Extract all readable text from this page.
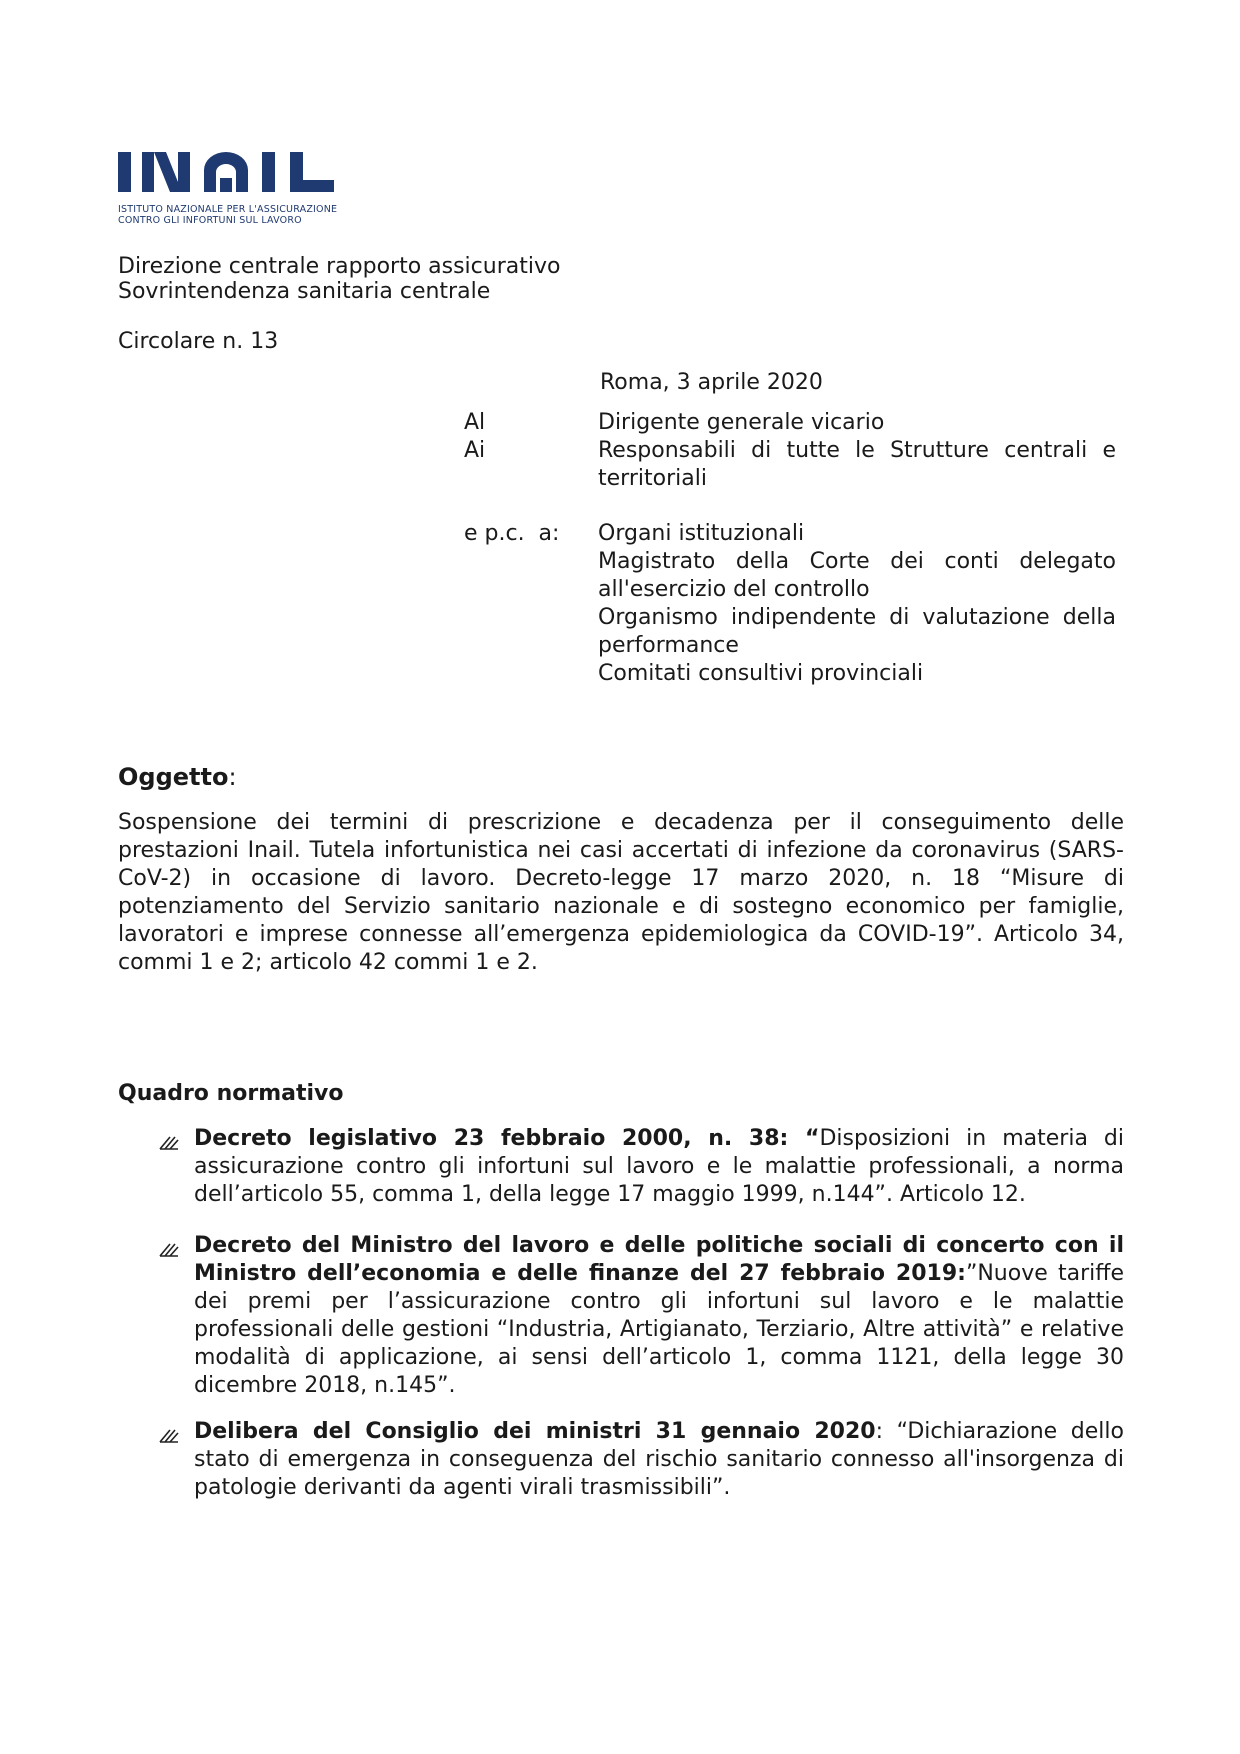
ISTITUTO NAZIONALE PER L'ASSICURAZIONE
CONTRO GLI INFORTUNI SUL LAVORO
Direzione centrale rapporto assicurativo
Sovrintendenza sanitaria centrale
Circolare n. 13
Roma, 3 aprile 2020
Al	Dirigente generale vicario
Ai	Responsabili di tutte le Strutture centrali e territoriali
e p.c.  a: Organi istituzionali
Magistrato della Corte dei conti delegato all'esercizio del controllo
Organismo indipendente di valutazione della performance
Comitati consultivi provinciali
Oggetto:
Sospensione dei termini di prescrizione e decadenza per il conseguimento delle prestazioni Inail. Tutela infortunistica nei casi accertati di infezione da coronavirus (SARS- CoV-2) in occasione di lavoro. Decreto-legge 17 marzo 2020, n. 18 “Misure di potenziamento del Servizio sanitario nazionale e di sostegno economico per famiglie, lavoratori e imprese connesse all’emergenza epidemiologica da COVID-19”. Articolo 34, commi 1 e 2; articolo 42 commi 1 e 2.
Quadro normativo
Decreto legislativo 23 febbraio 2000, n. 38: “Disposizioni in materia di assicurazione contro gli infortuni sul lavoro e le malattie professionali, a norma dell’articolo 55, comma 1, della legge 17 maggio 1999, n.144”. Articolo 12.
Decreto del Ministro del lavoro e delle politiche sociali di concerto con il Ministro dell’economia e delle finanze del 27 febbraio 2019:”Nuove tariffe dei premi per l’assicurazione contro gli infortuni sul lavoro e le malattie professionali delle gestioni “Industria, Artigianato, Terziario, Altre attività” e relative modalità di applicazione, ai sensi dell’articolo 1, comma 1121, della legge 30 dicembre 2018, n.145”.
Delibera del Consiglio dei ministri 31 gennaio 2020: “Dichiarazione dello stato di emergenza in conseguenza del rischio sanitario connesso all'insorgenza di patologie derivanti da agenti virali trasmissibili”.
